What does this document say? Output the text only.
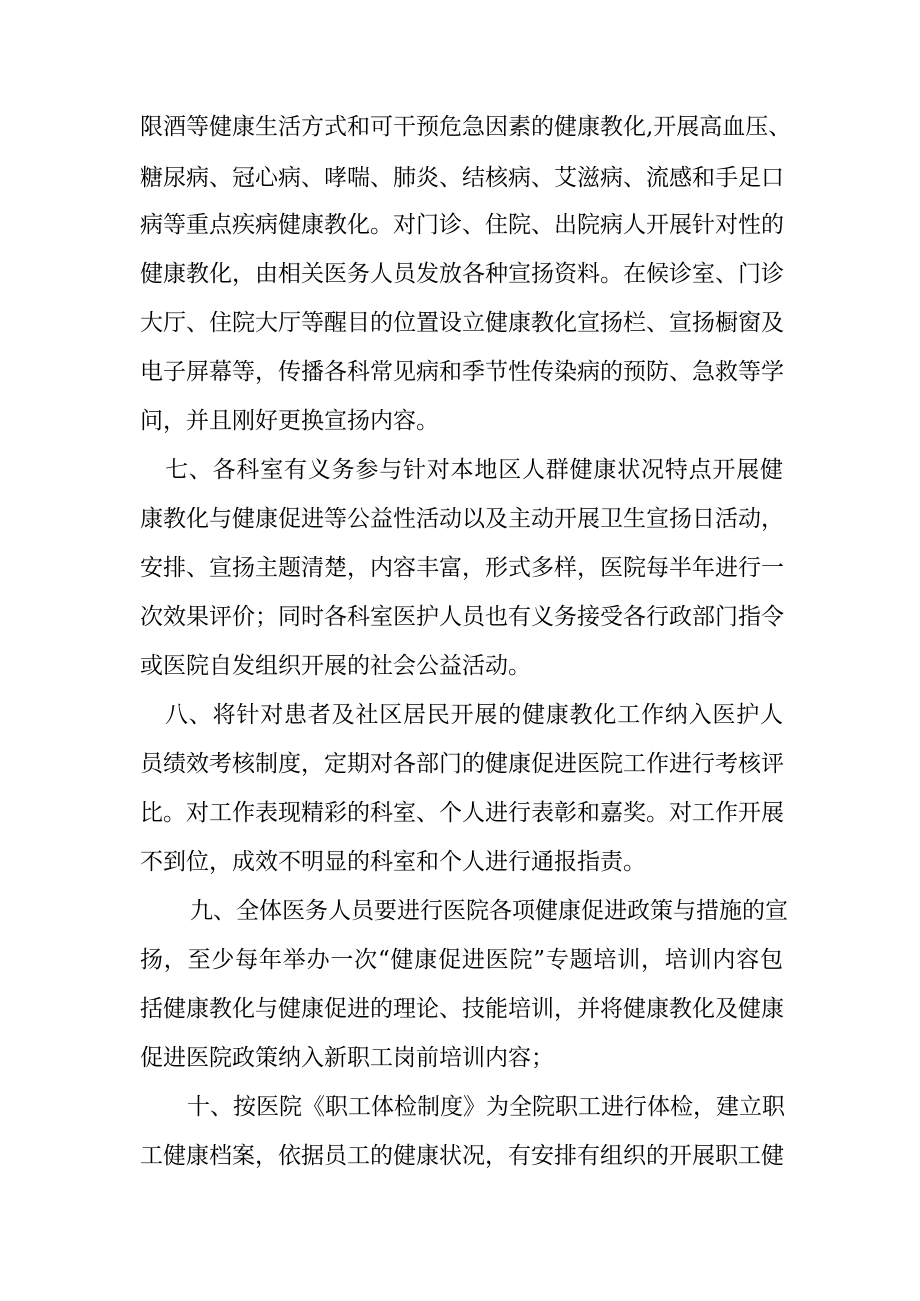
限酒等健康生活方式和可干预危急因素的健康教化,开展高血压、
糖尿病、冠心病、哮喘、肺炎、结核病、艾滋病、流感和手足口
病等重点疾病健康教化。对门诊、住院、出院病人开展针对性的
健康教化，由相关医务人员发放各种宣扬资料。在候诊室、门诊
大厅、住院大厅等醒目的位置设立健康教化宣扬栏、宣扬橱窗及
电子屏幕等，传播各科常见病和季节性传染病的预防、急救等学
问，并且刚好更换宣扬内容。
七、各科室有义务参与针对本地区人群健康状况特点开展健
康教化与健康促进等公益性活动以及主动开展卫生宣扬日活动，
安排、宣扬主题清楚，内容丰富，形式多样，医院每半年进行一
次效果评价；同时各科室医护人员也有义务接受各行政部门指令
或医院自发组织开展的社会公益活动。
八、将针对患者及社区居民开展的健康教化工作纳入医护人
员绩效考核制度，定期对各部门的健康促进医院工作进行考核评
比。对工作表现精彩的科室、个人进行表彰和嘉奖。对工作开展
不到位，成效不明显的科室和个人进行通报指责。
九、全体医务人员要进行医院各项健康促进政策与措施的宣
扬，至少每年举办一次“健康促进医院”专题培训，培训内容包
括健康教化与健康促进的理论、技能培训，并将健康教化及健康
促进医院政策纳入新职工岗前培训内容；
十、按医院《职工体检制度》为全院职工进行体检，建立职
工健康档案，依据员工的健康状况，有安排有组织的开展职工健
